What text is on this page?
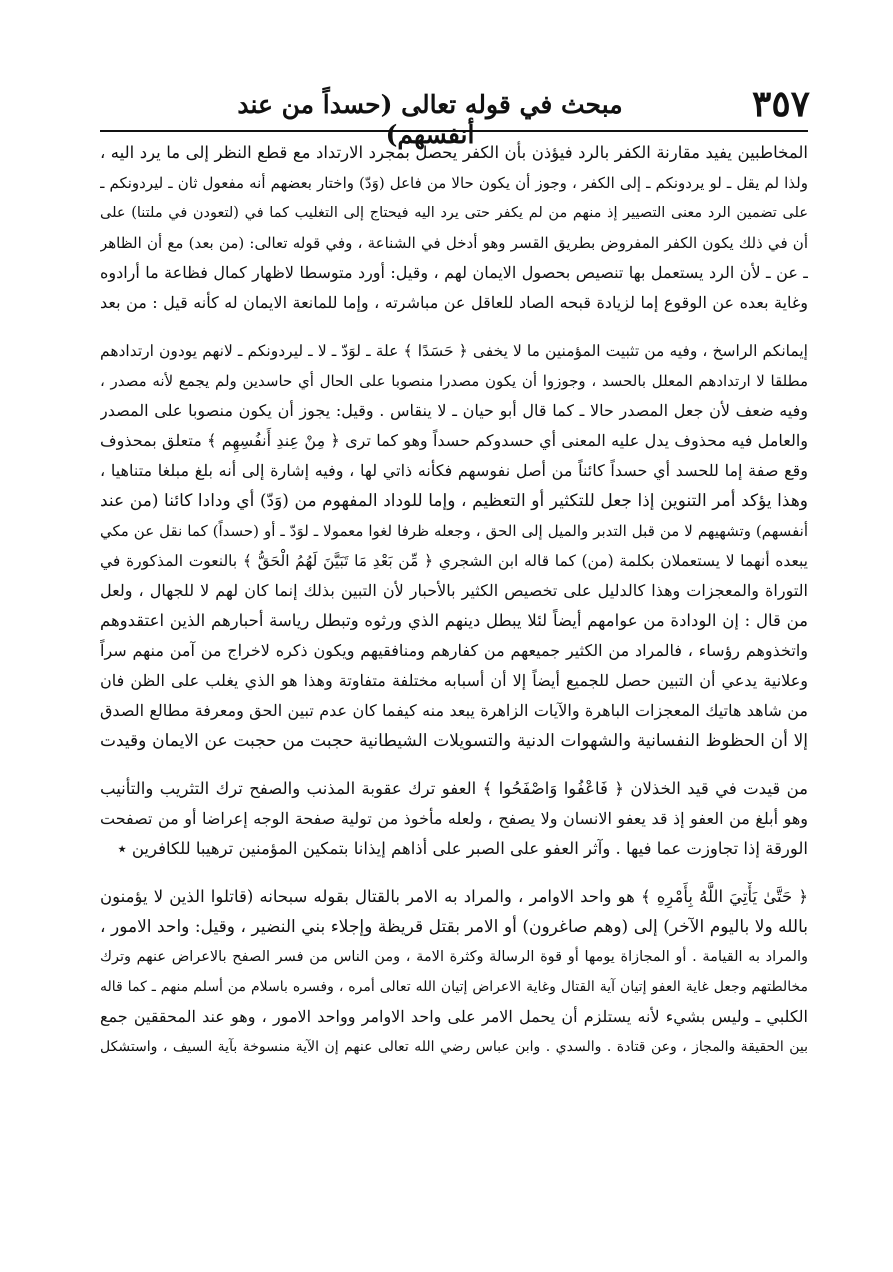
٣٥٧
مبحث في قوله تعالى (حسداً من عند أنفسهم)
المخاطبين يفيد مقارنة الكفر بالرد فيؤذن بأن الكفر يحصل بمجرد الارتداد مع قطع النظر إلى ما يرد اليه ،
ولذا لم يقل ـ لو يردونكم ـ إلى الكفر ، وجوز أن يكون حالا من فاعل (وَدّ) واختار بعضهم أنه مفعول ثان ـ ليردونكم ـ
على تضمين الرد معنى التصيير إذ منهم من لم يكفر حتى يرد اليه فيحتاج إلى التغليب كما في (لتعودن في ملتنا) على
أن في ذلك يكون الكفر المفروض بطريق القسر وهو أدخل في الشناعة ، وفي قوله تعالى: (من بعد) مع أن الظاهر
ـ عن ـ لأن الرد يستعمل بها تنصيص بحصول الايمان لهم ، وقيل: أورد متوسطا لاظهار كمال فظاعة ما أرادوه
وغاية بعده عن الوقوع إما لزيادة قبحه الصاد للعاقل عن مباشرته ، وإما للمانعة الايمان له كأنه قيل : من بعد
إيمانكم الراسخ ، وفيه من تثبيت المؤمنين ما لا يخفى ﴿ حَسَدًا ﴾ علة ـ لوَدّ ـ لا ـ ليردونكم ـ لانهم يودون ارتدادهم
مطلقا لا ارتدادهم المعلل بالحسد ، وجوزوا أن يكون مصدرا منصوبا على الحال أي حاسدين ولم يجمع لأنه مصدر ،
وفيه ضعف لأن جعل المصدر حالا ـ كما قال أبو حيان ـ لا ينقاس . وقيل: يجوز أن يكون منصوبا على المصدر
والعامل فيه محذوف يدل عليه المعنى أي حسدوكم حسداً وهو كما ترى ﴿ مِنْ عِندِ أَنفُسِهِم ﴾ متعلق بمحذوف
وقع صفة إما للحسد أي حسداً كائناً من أصل نفوسهم فكأنه ذاتي لها ، وفيه إشارة إلى أنه بلغ مبلغا متناهيا ،
وهذا يؤكد أمر التنوين إذا جعل للتكثير أو التعظيم ، وإما للوداد المفهوم من (وَدّ) أي ودادا كائنا (من عند
أنفسهم) وتشهيهم لا من قبل التدبر والميل إلى الحق ، وجعله ظرفا لغوا معمولا ـ لوَدّ ـ أو (حسداً) كما نقل عن مكي
يبعده أنهما لا يستعملان بكلمة (من) كما قاله ابن الشجري ﴿ مِّن بَعْدِ مَا تَبَيَّنَ لَهُمُ الْحَقُّ ﴾ بالنعوت المذكورة في
التوراة والمعجزات وهذا كالدليل على تخصيص الكثير بالأحبار لأن التبين بذلك إنما كان لهم لا للجهال ، ولعل
من قال : إن الودادة من عوامهم أيضاً لئلا يبطل دينهم الذي ورثوه وتبطل رياسة أحبارهم الذين اعتقدوهم
واتخذوهم رؤساء ، فالمراد من الكثير جميعهم من كفارهم ومنافقيهم ويكون ذكره لاخراج من آمن منهم سراً
وعلانية يدعي أن التبين حصل للجميع أيضاً إلا أن أسبابه مختلفة متفاوتة وهذا هو الذي يغلب على الظن فان
من شاهد هاتيك المعجزات الباهرة والآيات الزاهرة يبعد منه كيفما كان عدم تبين الحق ومعرفة مطالع الصدق
إلا أن الحظوظ النفسانية والشهوات الدنية والتسويلات الشيطانية حجبت من حجبت عن الايمان وقيدت
من قيدت في قيد الخذلان ﴿ فَاعْفُوا وَاصْفَحُوا ﴾ العفو ترك عقوبة المذنب والصفح ترك التثريب والتأنيب
وهو أبلغ من العفو إذ قد يعفو الانسان ولا يصفح ، ولعله مأخوذ من تولية صفحة الوجه إعراضا أو من تصفحت
الورقة إذا تجاوزت عما فيها . وآثر العفو على الصبر على أذاهم إيذانا بتمكين المؤمنين ترهيبا للكافرين ٭
﴿ حَتَّىٰ يَأْتِيَ اللَّهُ بِأَمْرِهِ ﴾ هو واحد الاوامر ، والمراد به الامر بالقتال بقوله سبحانه (قاتلوا الذين لا يؤمنون
بالله ولا باليوم الآخر) إلى (وهم صاغرون) أو الامر بقتل قريظة وإجلاء بني النضير ، وقيل: واحد الامور ،
والمراد به القيامة . أو المجازاة يومها أو قوة الرسالة وكثرة الامة ، ومن الناس من فسر الصفح بالاعراض عنهم وترك
مخالطتهم وجعل غاية العفو إتيان آية القتال وغاية الاعراض إتيان الله تعالى أمره ، وفسره باسلام من أسلم منهم ـ كما قاله
الكلبي ـ وليس بشيء لأنه يستلزم أن يحمل الامر على واحد الاوامر وواحد الامور ، وهو عند المحققين جمع
بين الحقيقة والمجاز ، وعن قتادة . والسدي . وابن عباس رضي الله تعالى عنهم إن الآية منسوخة بآية السيف ، واستشكل
